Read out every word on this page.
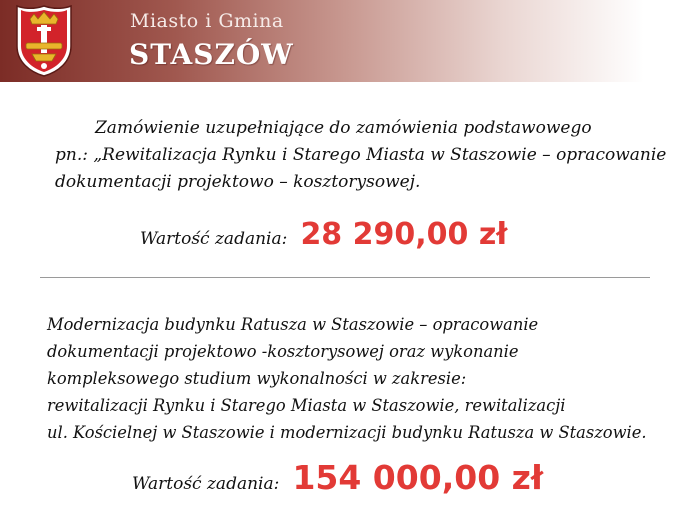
Miasto i Gmina
STASZÓW
Zamówienie uzupełniające do zamówienia podstawowego
pn.: „Rewitalizacja Rynku i Starego Miasta w Staszowie – opracowanie
dokumentacji projektowo – kosztorysowej.
Wartość zadania: 28 290,00 zł
Modernizacja budynku Ratusza w Staszowie – opracowanie
dokumentacji projektowo -kosztorysowej oraz wykonanie
kompleksowego studium wykonalności w zakresie:
rewitalizacji Rynku i Starego Miasta w Staszowie, rewitalizacji
ul. Kościelnej w Staszowie i modernizacji budynku Ratusza w Staszowie.
Wartość zadania: 154 000,00 zł
